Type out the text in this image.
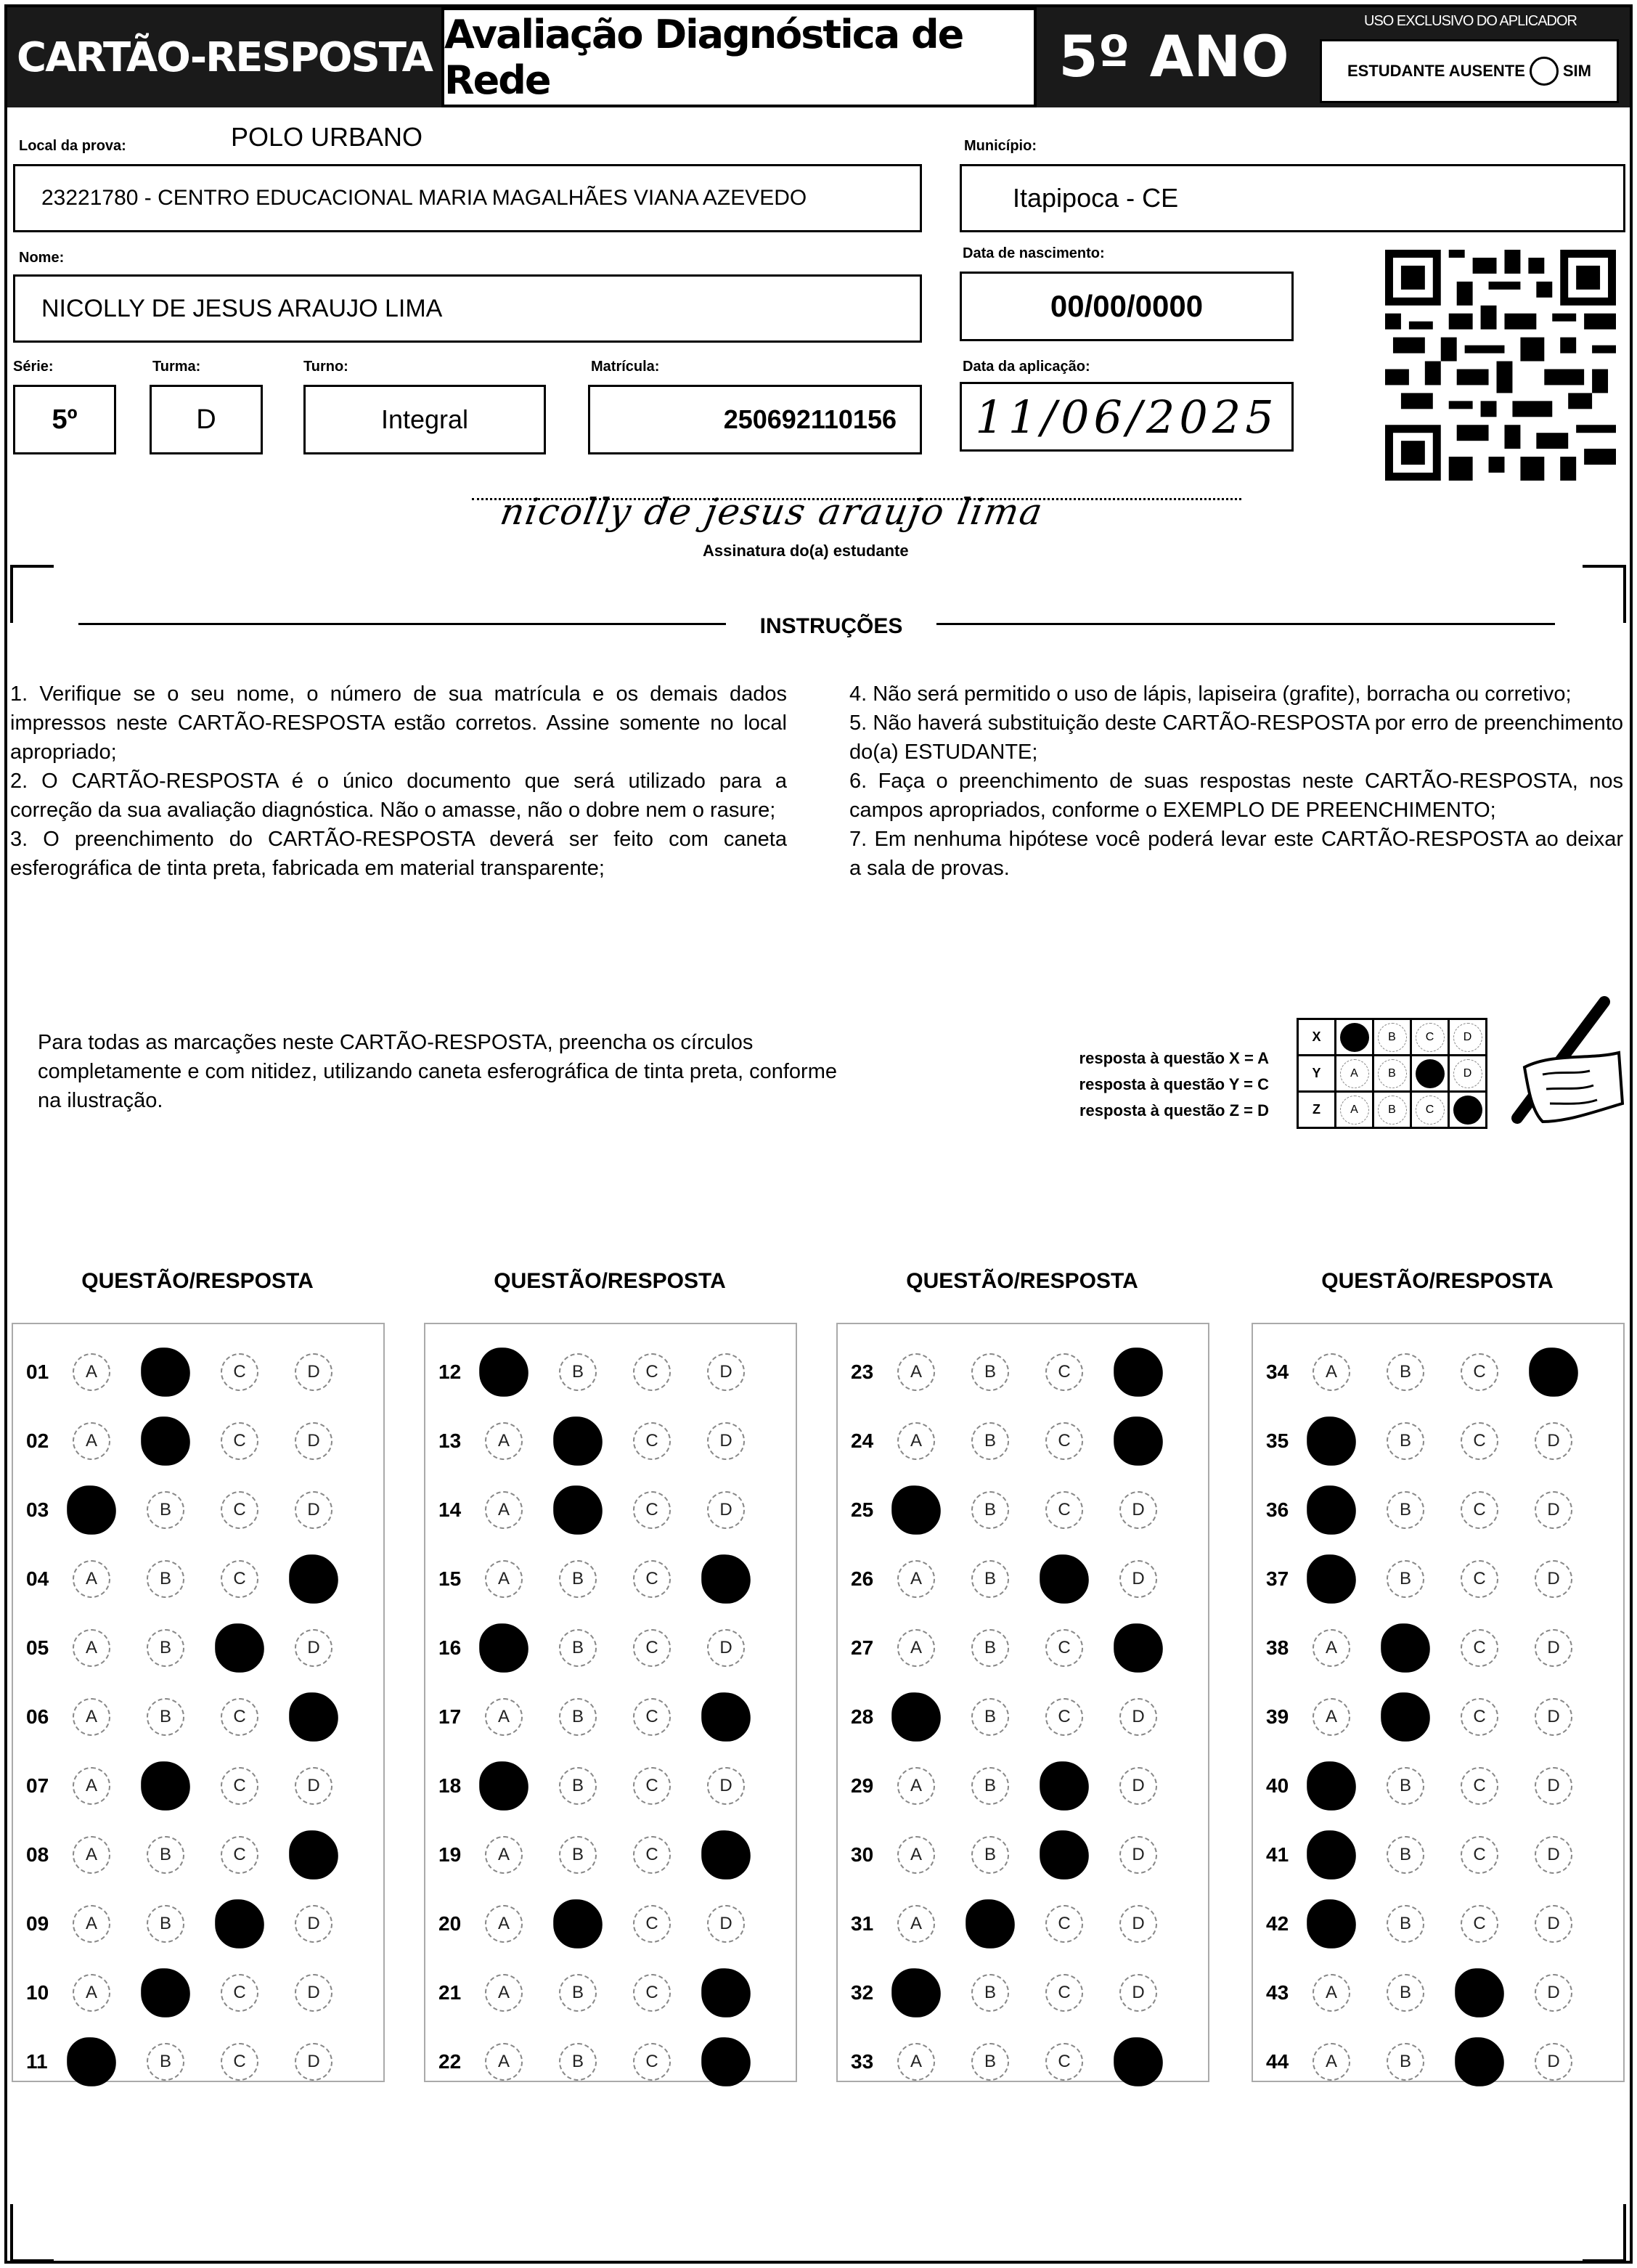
CARTÃO-RESPOSTA Avaliação Diagnóstica de Rede	5º ANO
USO EXCLUSIVO DO APLICADOR
ESTUDANTE AUSENTE SIM
Local da prova:	POLO URBANO
23221780 - CENTRO EDUCACIONAL MARIA MAGALHÃES VIANA AZEVEDO
Município:
Itapipoca - CE
Nome:
NICOLLY DE JESUS ARAUJO LIMA
Data de nascimento:
00/00/0000
Série:
5º
Turma:
D
Turno:
Integral
Matrícula:
250692110156
Data da aplicação:
11/06/2025
nicolly de jesus araujo lima
Assinatura do(a) estudante
INSTRUÇÕES

1. Verifique se o seu nome, o número de sua matrícula e os demais dados impressos neste CARTÃO-RESPOSTA estão corretos. Assine somente no local apropriado;

2. O CARTÃO-RESPOSTA é o único documento que será utilizado para a correção da sua avaliação diagnóstica. Não o amasse, não o dobre nem o rasure;

3. O preenchimento do CARTÃO-RESPOSTA deverá ser feito com caneta esferográfica de tinta preta, fabricada em material transparente;

4. Não será permitido o uso de lápis, lapiseira (grafite), borracha ou corretivo;

5. Não haverá substituição deste CARTÃO-RESPOSTA por erro de preenchimento do(a) ESTUDANTE;

6. Faça o preenchimento de suas respostas neste CARTÃO-RESPOSTA, nos campos apropriados, conforme o EXEMPLO DE PREENCHIMENTO;

7. Em nenhuma hipótese você poderá levar este CARTÃO-RESPOSTA ao deixar a sala de provas.

Para todas as marcações neste CARTÃO-RESPOSTA, preencha os círculos completamente e com nitidez, utilizando caneta esferográfica de tinta preta, conforme na ilustração.
resposta à questão X = A
resposta à questão Y = C
resposta à questão Z = D
X		B	C	D

Y	A	B		D

Z	A	B	C	

QUESTÃO/RESPOSTA
01	A	B	C	D
02	A	B	C	D
03	A	B	C	D
04	A	B	C	D
05	A	B	C	D
06	A	B	C	D
07	A	B	C	D
08	A	B	C	D
09	A	B	C	D
10	A	B	C	D
11	A	B	C	D
QUESTÃO/RESPOSTA
12	A	B	C	D
13	A	B	C	D
14	A	B	C	D
15	A	B	C	D
16	A	B	C	D
17	A	B	C	D
18	A	B	C	D
19	A	B	C	D
20	A	B	C	D
21	A	B	C	D
22	A	B	C	D
QUESTÃO/RESPOSTA
23	A	B	C	D
24	A	B	C	D
25	A	B	C	D
26	A	B	C	D
27	A	B	C	D
28	A	B	C	D
29	A	B	C	D
30	A	B	C	D
31	A	B	C	D
32	A	B	C	D
33	A	B	C	D
QUESTÃO/RESPOSTA
34	A	B	C	D
35	A	B	C	D
36	A	B	C	D
37	A	B	C	D
38	A	B	C	D
39	A	B	C	D
40	A	B	C	D
41	A	B	C	D
42	A	B	C	D
43	A	B	C	D
44	A	B	C	D
